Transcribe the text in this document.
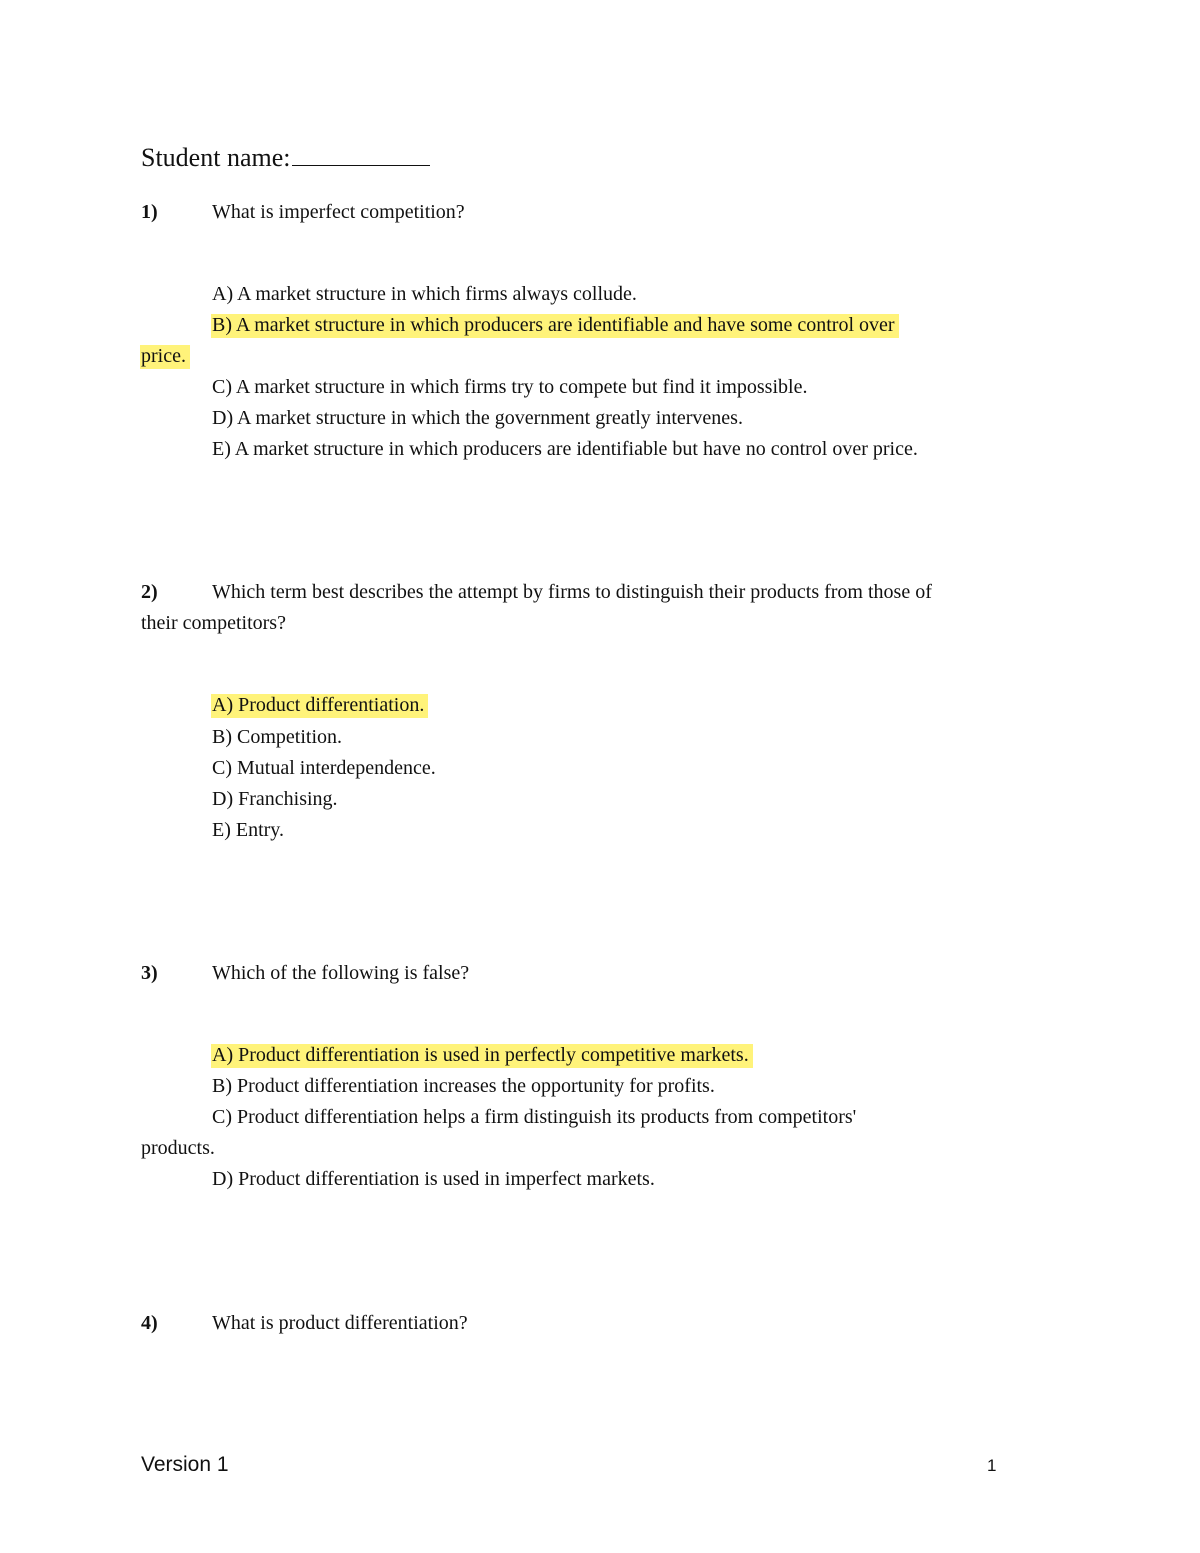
Student name:
1)	What is imperfect competition?
A) A market structure in which firms always collude.
B) A market structure in which producers are identifiable and have some control over
price.
C) A market structure in which firms try to compete but find it impossible.
D) A market structure in which the government greatly intervenes.
E) A market structure in which producers are identifiable but have no control over price.
2)	Which term best describes the attempt by firms to distinguish their products from those of
their competitors?
A) Product differentiation.
B) Competition.
C) Mutual interdependence.
D) Franchising.
E) Entry.
3)	Which of the following is false?
A) Product differentiation is used in perfectly competitive markets.
B) Product differentiation increases the opportunity for profits.
C) Product differentiation helps a firm distinguish its products from competitors'
products.
D) Product differentiation is used in imperfect markets.
4)	What is product differentiation?
Version 1	1
